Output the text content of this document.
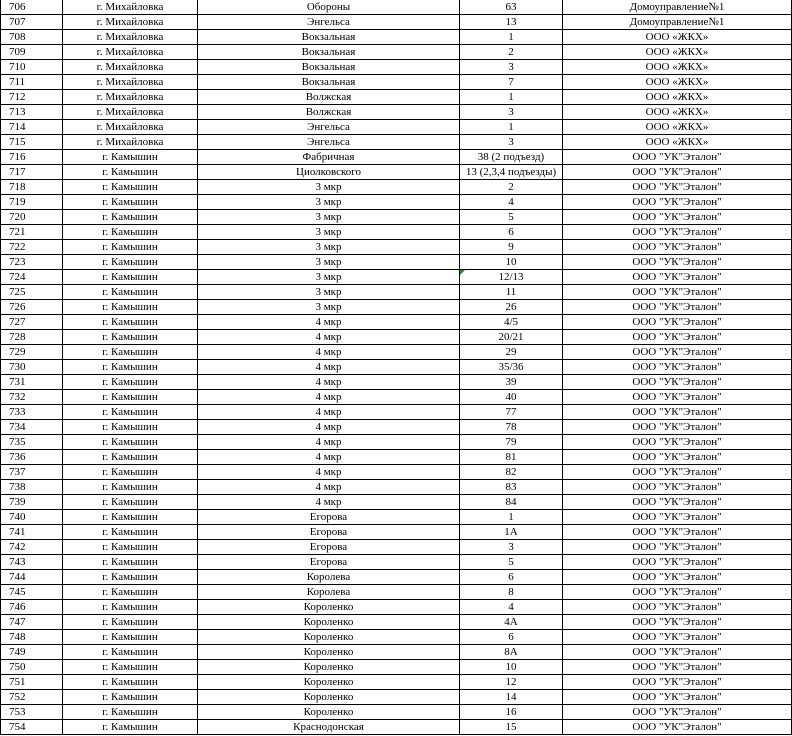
706	г. Михайловка	Обороны	63	Домоуправление№1
707	г. Михайловка	Энгельса	13	Домоуправление№1
708	г. Михайловка	Вокзальная	1	ООО «ЖКХ»
709	г. Михайловка	Вокзальная	2	ООО «ЖКХ»
710	г. Михайловка	Вокзальная	3	ООО «ЖКХ»
711	г. Михайловка	Вокзальная	7	ООО «ЖКХ»
712	г. Михайловка	Волжская	1	ООО «ЖКХ»
713	г. Михайловка	Волжская	3	ООО «ЖКХ»
714	г. Михайловка	Энгельса	1	ООО «ЖКХ»
715	г. Михайловка	Энгельса	3	ООО «ЖКХ»
716	г. Камышин	Фабричная	38 (2 подъезд)	ООО "УК"Эталон"
717	г. Камышин	Циолковского	13 (2,3,4 подъезды)	ООО "УК"Эталон"
718	г. Камышин	3 мкр	2	ООО "УК"Эталон"
719	г. Камышин	3 мкр	4	ООО "УК"Эталон"
720	г. Камышин	3 мкр	5	ООО "УК"Эталон"
721	г. Камышин	3 мкр	6	ООО "УК"Эталон"
722	г. Камышин	3 мкр	9	ООО "УК"Эталон"
723	г. Камышин	3 мкр	10	ООО "УК"Эталон"
724	г. Камышин	3 мкр	12/13	ООО "УК"Эталон"
725	г. Камышин	3 мкр	11	ООО "УК"Эталон"
726	г. Камышин	3 мкр	26	ООО "УК"Эталон"
727	г. Камышин	4 мкр	4/5	ООО "УК"Эталон"
728	г. Камышин	4 мкр	20/21	ООО "УК"Эталон"
729	г. Камышин	4 мкр	29	ООО "УК"Эталон"
730	г. Камышин	4 мкр	35/36	ООО "УК"Эталон"
731	г. Камышин	4 мкр	39	ООО "УК"Эталон"
732	г. Камышин	4 мкр	40	ООО "УК"Эталон"
733	г. Камышин	4 мкр	77	ООО "УК"Эталон"
734	г. Камышин	4 мкр	78	ООО "УК"Эталон"
735	г. Камышин	4 мкр	79	ООО "УК"Эталон"
736	г. Камышин	4 мкр	81	ООО "УК"Эталон"
737	г. Камышин	4 мкр	82	ООО "УК"Эталон"
738	г. Камышин	4 мкр	83	ООО "УК"Эталон"
739	г. Камышин	4 мкр	84	ООО "УК"Эталон"
740	г. Камышин	Егорова	1	ООО "УК"Эталон"
741	г. Камышин	Егорова	1А	ООО "УК"Эталон"
742	г. Камышин	Егорова	3	ООО "УК"Эталон"
743	г. Камышин	Егорова	5	ООО "УК"Эталон"
744	г. Камышин	Королева	6	ООО "УК"Эталон"
745	г. Камышин	Королева	8	ООО "УК"Эталон"
746	г. Камышин	Короленко	4	ООО "УК"Эталон"
747	г. Камышин	Короленко	4А	ООО "УК"Эталон"
748	г. Камышин	Короленко	6	ООО "УК"Эталон"
749	г. Камышин	Короленко	8А	ООО "УК"Эталон"
750	г. Камышин	Короленко	10	ООО "УК"Эталон"
751	г. Камышин	Короленко	12	ООО "УК"Эталон"
752	г. Камышин	Короленко	14	ООО "УК"Эталон"
753	г. Камышин	Короленко	16	ООО "УК"Эталон"
754	г. Камышин	Краснодонская	15	ООО "УК"Эталон"
